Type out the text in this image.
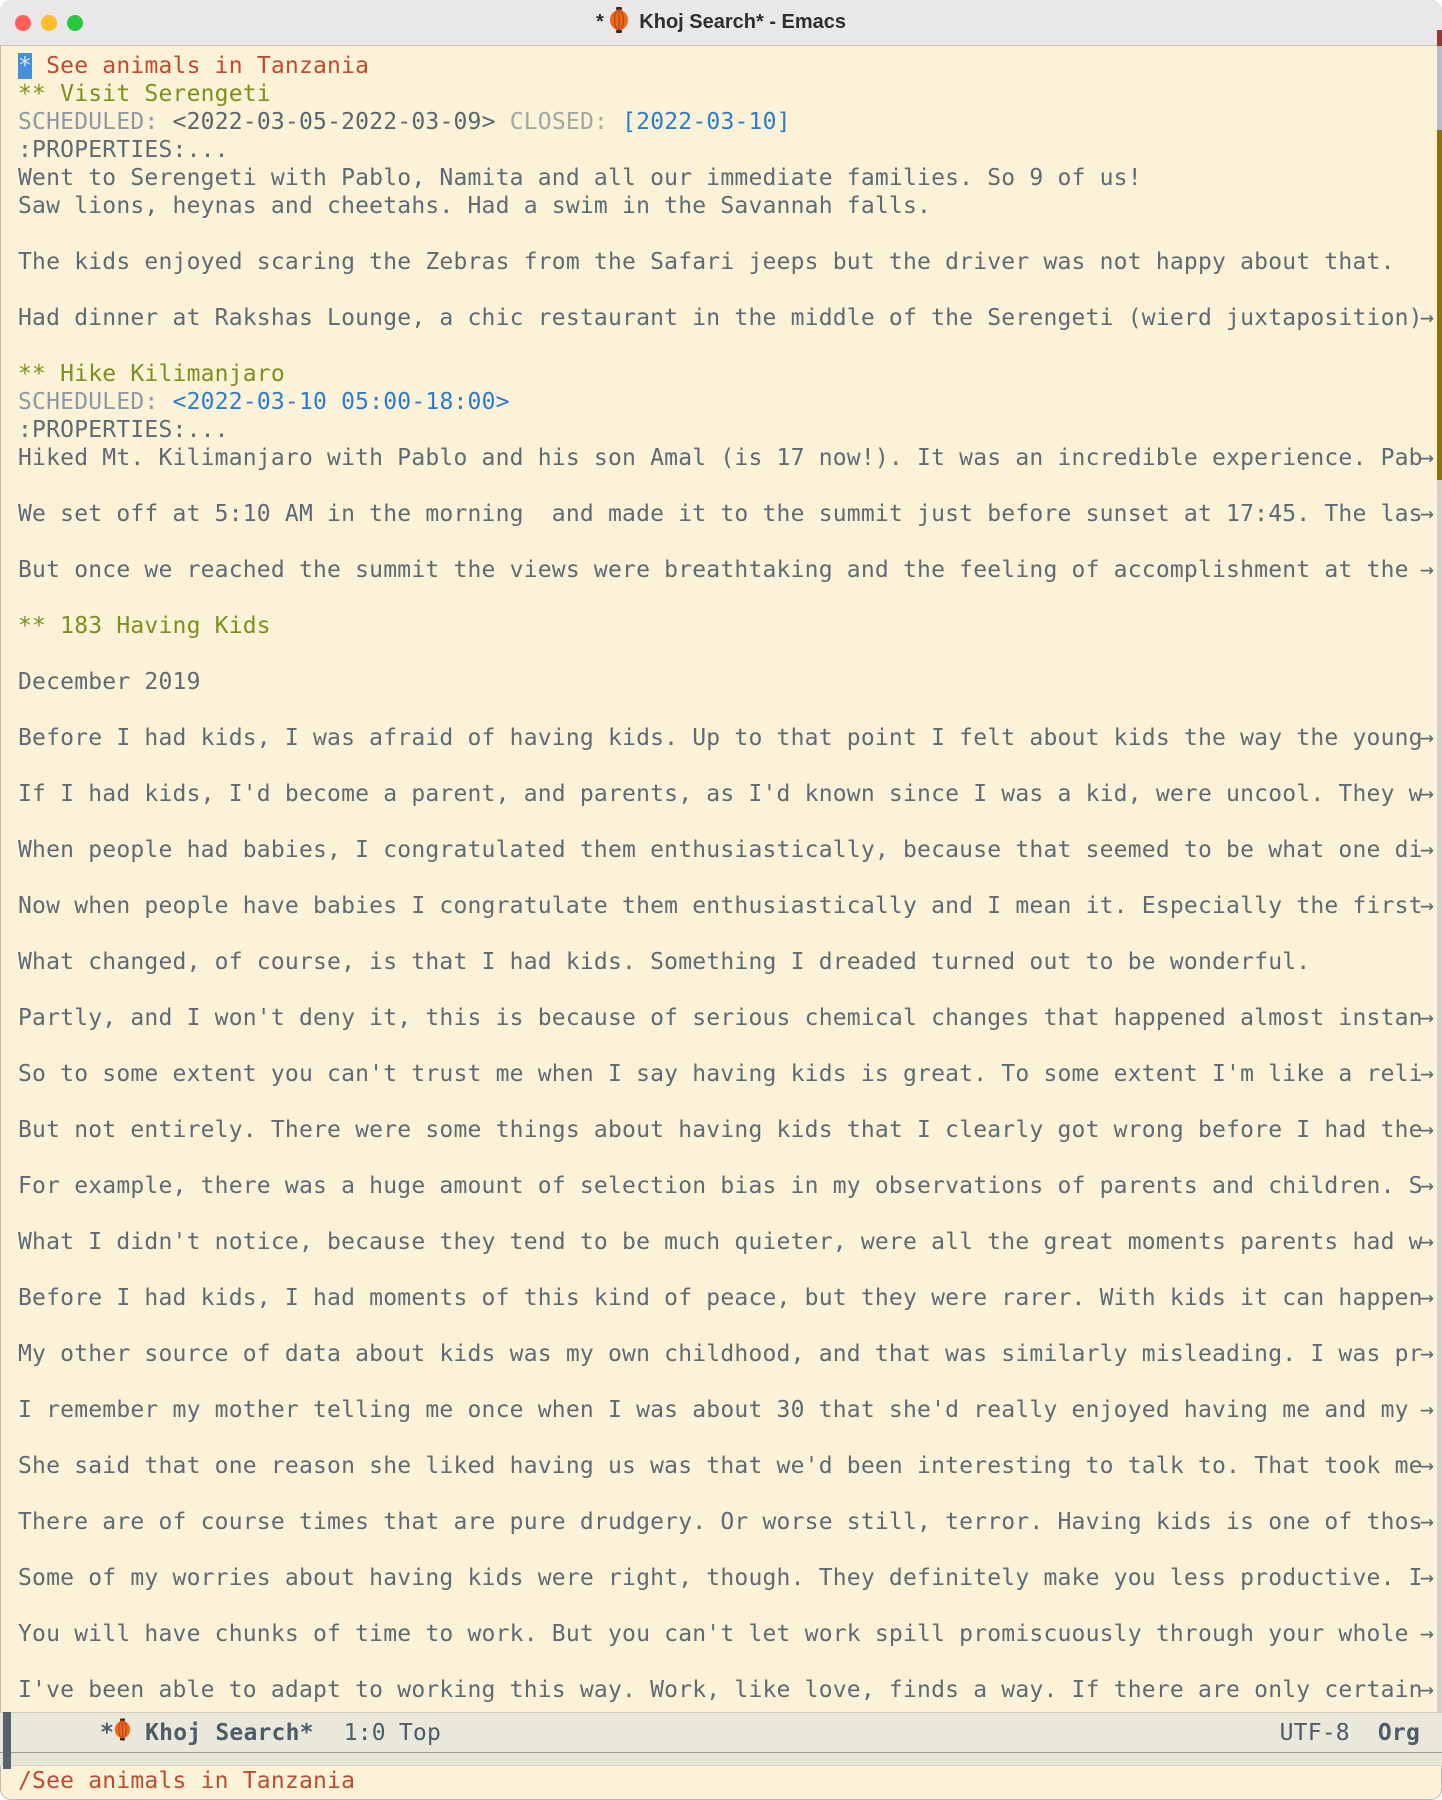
* Khoj Search* - Emacs
* See animals in Tanzania
** Visit Serengeti
SCHEDULED: <2022-03-05-2022-03-09> CLOSED: [2022-03-10]
:PROPERTIES:...
Went to Serengeti with Pablo, Namita and all our immediate families. So 9 of us!
Saw lions, heynas and cheetahs. Had a swim in the Savannah falls.
The kids enjoyed scaring the Zebras from the Safari jeeps but the driver was not happy about that.
Had dinner at Rakshas Lounge, a chic restaurant in the middle of the Serengeti (wierd juxtaposition)
→
** Hike Kilimanjaro
SCHEDULED: <2022-03-10 05:00-18:00>
:PROPERTIES:...
Hiked Mt. Kilimanjaro with Pablo and his son Amal (is 17 now!). It was an incredible experience. Pab
→
We set off at 5:10 AM in the morning  and made it to the summit just before sunset at 17:45. The las
→
But once we reached the summit the views were breathtaking and the feeling of accomplishment at the
→
** 183 Having Kids
December 2019
Before I had kids, I was afraid of having kids. Up to that point I felt about kids the way the young
→
If I had kids, I'd become a parent, and parents, as I'd known since I was a kid, were uncool. They w
→
When people had babies, I congratulated them enthusiastically, because that seemed to be what one di
→
Now when people have babies I congratulate them enthusiastically and I mean it. Especially the first
→
What changed, of course, is that I had kids. Something I dreaded turned out to be wonderful.
Partly, and I won't deny it, this is because of serious chemical changes that happened almost instan
→
So to some extent you can't trust me when I say having kids is great. To some extent I'm like a reli
→
But not entirely. There were some things about having kids that I clearly got wrong before I had the
→
For example, there was a huge amount of selection bias in my observations of parents and children. S
→
What I didn't notice, because they tend to be much quieter, were all the great moments parents had w
→
Before I had kids, I had moments of this kind of peace, but they were rarer. With kids it can happen
→
My other source of data about kids was my own childhood, and that was similarly misleading. I was pr
→
I remember my mother telling me once when I was about 30 that she'd really enjoyed having me and my
→
She said that one reason she liked having us was that we'd been interesting to talk to. That took me
→
There are of course times that are pure drudgery. Or worse still, terror. Having kids is one of thos
→
Some of my worries about having kids were right, though. They definitely make you less productive. I
→
You will have chunks of time to work. But you can't let work spill promiscuously through your whole
→
I've been able to adapt to working this way. Work, like love, finds a way. If there are only certain
→
* Khoj Search* 1:0 Top	UTF-8 Org
/See animals in Tanzania
